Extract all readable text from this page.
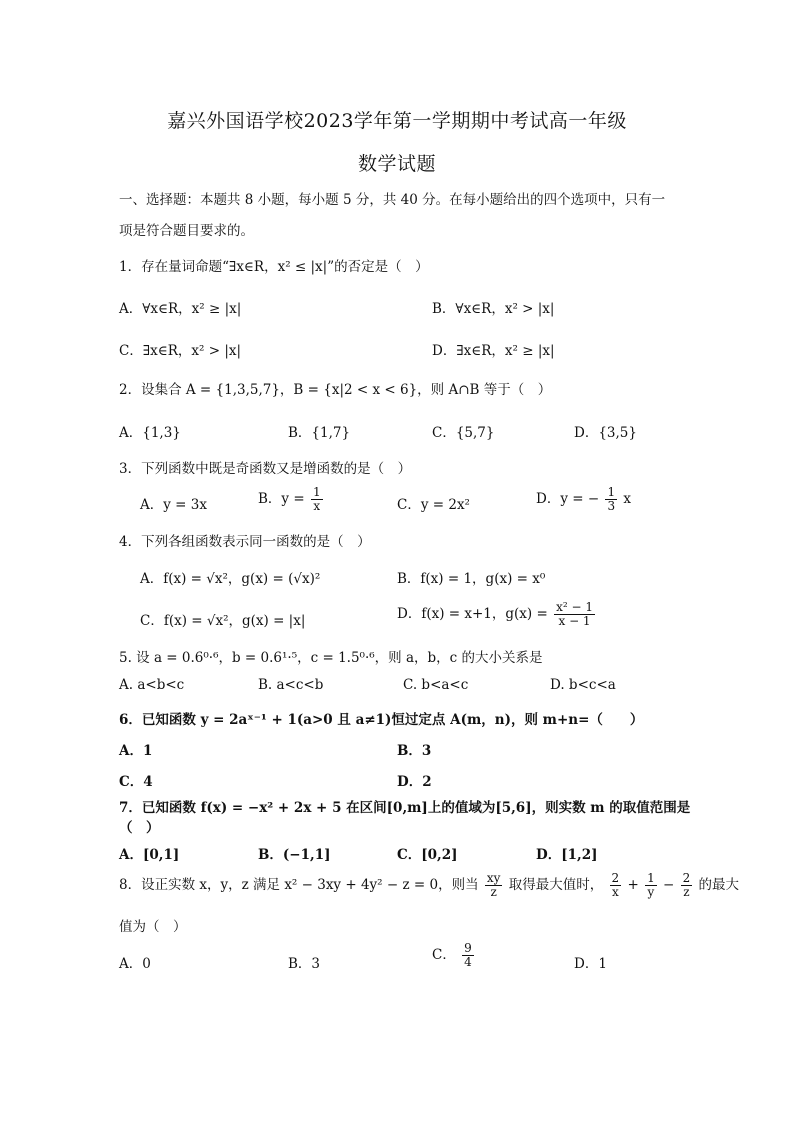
嘉兴外国语学校2023学年第一学期期中考试高一年级
数学试题
一、选择题：本题共 8 小题，每小题 5 分，共 40 分。在每小题给出的四个选项中，只有一
项是符合题目要求的。
1．存在量词命题“∃x∈R，x² ≤ |x|”的否定是（　）
A．∀x∈R，x² ≥ |x|	B．∀x∈R，x² > |x|
C．∃x∈R，x² > |x|	D．∃x∈R，x² ≥ |x|
2．设集合 A = {1,3,5,7}，B = {x|2 < x < 6}，则 A∩B 等于（　）
A．{1,3}	B．{1,7}	C．{5,7}	D．{3,5}
3．下列函数中既是奇函数又是增函数的是（　）
A．y = 3x	B．$y = \frac{1}{x}$	C．y = 2x²	D．y = − $\frac{1}{3}$ x
4．下列各组函数表示同一函数的是（　）
A．f(x) = √x²，g(x) = (√x)²	B．f(x) = 1，g(x) = x⁰
C．f(x) = √x²，g(x) = |x|	D．f(x) = x+1，$g(x) = \frac{\text{x² − 1}}{x - 1}$
5. 设 a = 0.6⁰·⁶，b = 0.6¹·⁵，c = 1.5⁰·⁶，则 a，b，c 的大小关系是
A. a<b<c	B. a<c<b	C. b<a<c	D. b<c<a
6．已知函数 y = 2aˣ⁻¹ + 1(a>0 且 a≠1)恒过定点 A(m，n)，则 m+n=（　　）
A．1	B．3
C．4	D．2
7．已知函数 f(x) = −x² + 2x + 5 在区间[0,m]上的值域为[5,6]，则实数 m 的取值范围是
（　）
A．[0,1]	B．(−1,1]	C．[0,2]	D．[1,2]
8．设正实数 x，y，z 满足 x² − 3xy + 4y² − z = 0，则当 $\frac{xy}{z}$ 取得最大值时， $\frac{2}{x} + \frac{1}{y} - \frac{2}{z}$ 的最大
值为（　）
A．0	B．3
C． $\frac{9}{4}$	D．1
